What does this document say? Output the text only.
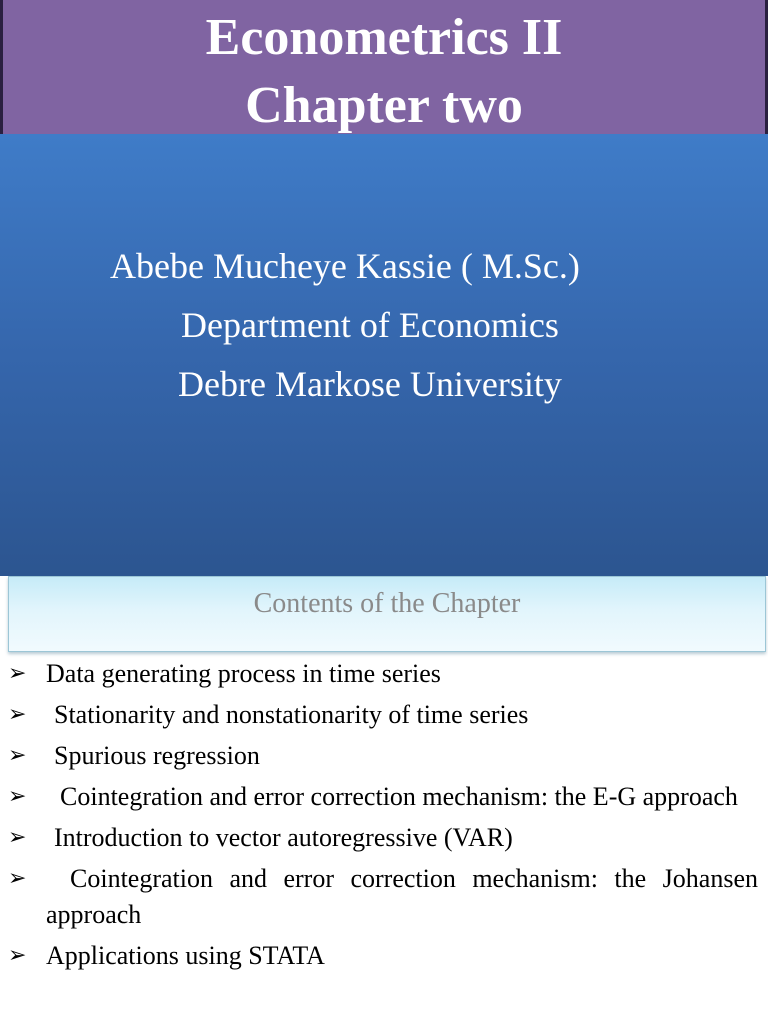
Econometrics II
Chapter two
Abebe Mucheye Kassie ( M.Sc.)
Department of Economics
Debre Markose University
Contents of the Chapter
➢ Data generating process in time series
➢ Stationarity and nonstationarity of time series
➢ Spurious regression
➢ Cointegration and error correction mechanism: the E-G approach
➢ Introduction to vector autoregressive (VAR)
➢ Cointegration and error correction mechanism: the Johansen approach
➢ Applications using STATA
